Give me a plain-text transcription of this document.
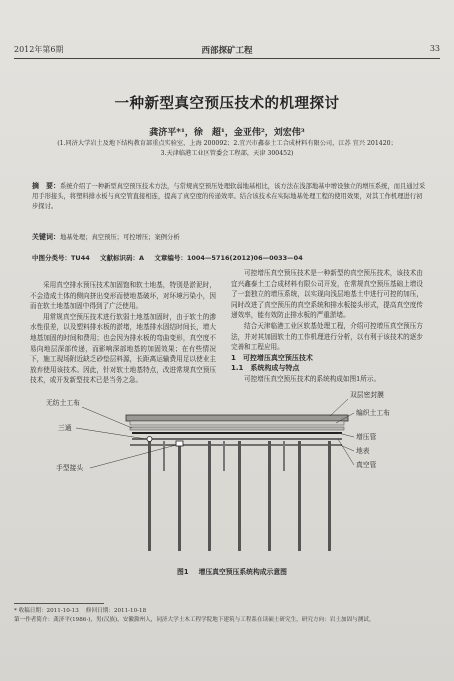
2012年第6期	西部探矿工程	33
一种新型真空预压技术的机理探讨
龚济平*¹，徐　超¹，金亚伟²，刘宏伟³
(1.同济大学岩土及地下结构教育部重点实验室，上海 200092；2.宜兴市鑫泰土工合成材料有限公司，江苏 宜兴 201420；
3.天津临港工业区管委会工程部，天津 300452)
摘　要：系统介绍了一种新型真空预压技术方法，与常规真空预压处理软弱地基相比，该方法在浅部地基中增设独立的增压系统，而且通过采用手形接头，将塑料排水板与真空管直接相连，提高了真空度的传递效率。结合该技术在实际地基处理工程的使用效果，对其工作机理进行初步探讨。
关键词：地基处理；真空预压；可控增压；案例分析
中图分类号：TU44 文献标识码：A 文章编号：1004—5716(2012)06—0033—04

采用真空排水预压技术加固饱和软土地基，特别是淤泥时，不会造成土体的侧向挤出变形而使地基破坏，对环境污染小，因而在软土地基加固中得到了广泛使用。

用常规真空预压技术进行软弱土地基加固时，由于软土的渗水性很差，以及塑料排水板的淤堵，地基排水固结时间长，增大地基加固的时间和费用；也会因为排水板的弯曲变形，真空度不易向地层深部传递，而影响深部地基的加固效果；在有些情况下，施工现场附近缺乏砂垫层料源，长距离运输费用足以使业主放弃使用该技术。因此，针对软土地基特点，改进常规真空预压技术，或开发新型技术已是当务之急。

可控增压真空预压技术是一种新型的真空预压技术，该技术由宜兴鑫泰土工合成材料有限公司开发，在常规真空预压基础上增设了一套独立的增压系统，以实现向浅层地基土中进行可控的加压，同时改进了真空预压的真空系统和排水板接头形式，提高真空度传递效率，能有效防止排水板的严重淤堵。

结合天津临港工业区软基处理工程，介绍可控增压真空预压方法，并对其加固软土的工作机理进行分析，以有利于该技术的逐步完善和工程应用。

1　可控增压真空预压技术
1.1　系统构成与特点

可控增压真空预压技术的系统构成如图1所示。

无纺土工布
三通
手型接头
双层密封膜
编织土工布
增压管
地表
真空管
图1 增压真空预压系统构成示意图
* 收稿日期：2011-10-13 修回日期：2011-10-18
第一作者简介：龚济平(1986-)，男(汉族)，安徽滁州人，同济大学土木工程学院地下建筑与工程系在读硕士研究生，研究方向：岩土加固与测试。
